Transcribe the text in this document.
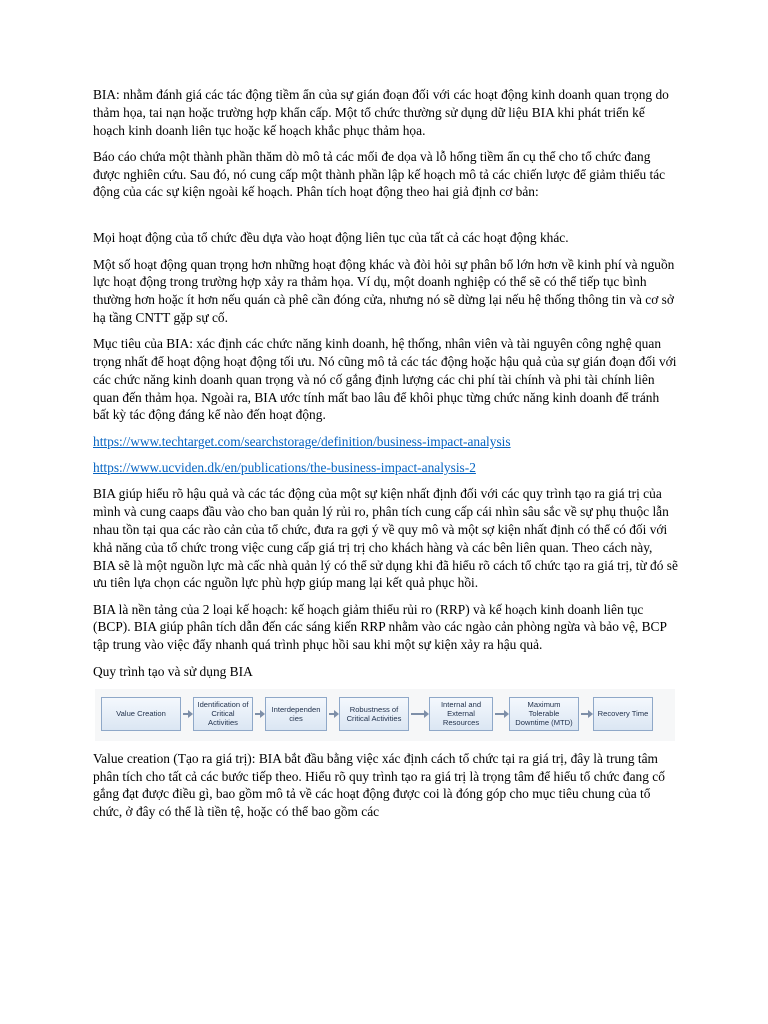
BIA: nhằm đánh giá các tác động tiềm ẩn của sự gián đoạn đối với các hoạt động kinh doanh quan trọng do thảm họa, tai nạn hoặc trường hợp khẩn cấp. Một tổ chức thường sử dụng dữ liệu BIA khi phát triển kế hoạch kinh doanh liên tục hoặc kế hoạch khắc phục thảm họa.

Báo cáo chứa một thành phần thăm dò mô tả các mối đe dọa và lỗ hổng tiềm ẩn cụ thể cho tổ chức đang được nghiên cứu. Sau đó, nó cung cấp một thành phần lập kế hoạch mô tả các chiến lược để giảm thiểu tác động của các sự kiện ngoài kế hoạch. Phân tích hoạt động theo hai giả định cơ bản:

Mọi hoạt động của tổ chức đều dựa vào hoạt động liên tục của tất cả các hoạt động khác.

Một số hoạt động quan trọng hơn những hoạt động khác và đòi hỏi sự phân bổ lớn hơn về kinh phí và nguồn lực hoạt động trong trường hợp xảy ra thảm họa. Ví dụ, một doanh nghiệp có thể sẽ có thể tiếp tục bình thường hơn hoặc ít hơn nếu quán cà phê cần đóng cửa, nhưng nó sẽ dừng lại nếu hệ thống thông tin và cơ sở hạ tầng CNTT gặp sự cố.

Mục tiêu của BIA: xác định các chức năng kinh doanh, hệ thống, nhân viên và tài nguyên công nghệ quan trọng nhất để hoạt động hoạt động tối ưu. Nó cũng mô tả các tác động hoặc hậu quả của sự gián đoạn đối với các chức năng kinh doanh quan trọng và nó cố gắng định lượng các chi phí tài chính và phi tài chính liên quan đến thảm họa. Ngoài ra, BIA ước tính mất bao lâu để khôi phục từng chức năng kinh doanh để tránh bất kỳ tác động đáng kể nào đến hoạt động.

https://www.techtarget.com/searchstorage/definition/business-impact-analysis
https://www.ucviden.dk/en/publications/the-business-impact-analysis-2

BIA giúp hiểu rõ hậu quả và các tác động của một sự kiện nhất định đối với các quy trình tạo ra giá trị của mình và cung caaps đầu vào cho ban quản lý rủi ro, phân tích cung cấp cái nhìn sâu sắc về sự phụ thuộc lẫn nhau tồn tại qua các rào cản của tổ chức, đưa ra gợi ý về quy mô và một sợ kiện nhất định có thể có đối với khả năng của tổ chức trong việc cung cấp giá trị trị cho khách hàng và các bên liên quan. Theo cách này, BIA sẽ là một nguồn lực mà cấc nhà quản lý có thể sử dụng khi đã hiểu rõ cách tổ chức tạo ra giá trị, từ đó sẽ ưu tiên lựa chọn các nguồn lực phù hợp giúp mang lại kết quả phục hồi.

BIA là nền tảng của 2 loại kế hoạch: kế hoạch giảm thiểu rủi ro (RRP) và kế hoạch kinh doanh liên tục (BCP). BIA giúp phân tích dẫn đến các sáng kiến RRP nhằm vào các ngào cản phòng ngừa và bảo vệ, BCP tập trung vào việc đẩy nhanh quá trình phục hồi sau khi một sự kiện xảy ra hậu quả.

Quy trình tạo và sử dụng BIA

Value Creation
Identification of Critical Activities
Interdependen cies
Robustness of Critical Activities
Internal and External Resources
Maximum Tolerable Downtime (MTD)
Recovery Time

Value creation (Tạo ra giá trị): BIA bắt đầu bằng việc xác định cách tổ chức tại ra giá trị, đây là trung tâm phân tích cho tất cả các bước tiếp theo. Hiểu rõ quy trình tạo ra giá trị là trọng tâm để hiểu tổ chức đang cố gắng đạt được điều gì, bao gồm mô tả về các hoạt động được coi là đóng góp cho mục tiêu chung của tổ chức, ở đây có thể là tiền tệ, hoặc có thể bao gồm các
